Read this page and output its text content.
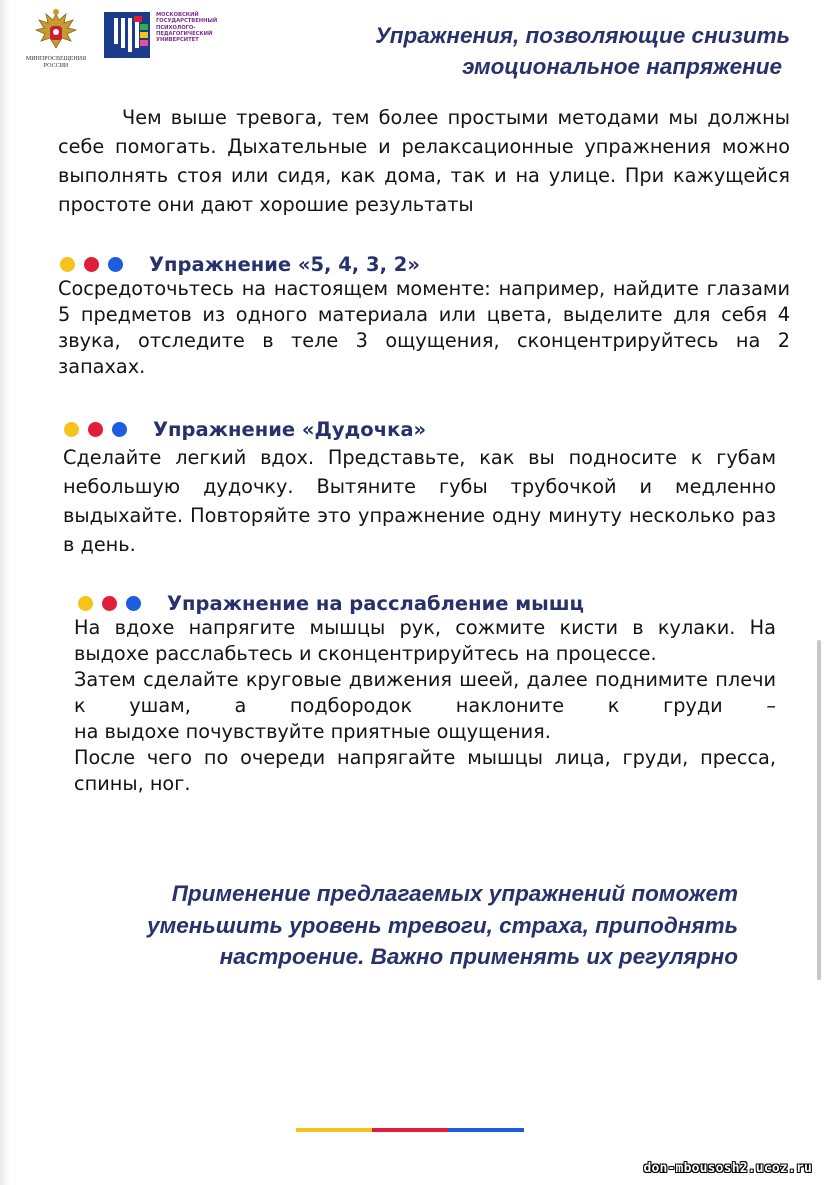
МИНПРОСВЕЩЕНИЯ РОССИИ
МОСКОВСКИЙ ГОСУДАРСТВЕННЫЙ ПСИХОЛОГО-ПЕДАГОГИЧЕСКИЙ УНИВЕРСИТЕТ	Упражнения, позволяющие снизить
эмоциональное напряжение

Чем выше тревога, тем более простыми методами мы должны себе помогать. Дыхательные и релаксационные упражнения можно выполнять стоя или сидя, как дома, так и на улице. При кажущейся простоте они дают хорошие результаты

Упражнение «5, 4, 3, 2»

Сосредоточьтесь на настоящем моменте: например, найдите глазами 5 предметов из одного материала или цвета, выделите для себя 4 звука, отследите в теле 3 ощущения, сконцентрируйтесь на 2 запахах.

Упражнение «Дудочка»

Сделайте легкий вдох. Представьте, как вы подносите к губам небольшую дудочку. Вытяните губы трубочкой и медленно выдыхайте. Повторяйте это упражнение одну минуту несколько раз в день.

Упражнение на расслабление мышц
На вдохе напрягите мышцы рук, сожмите кисти в кулаки. На выдохе расслабьтесь и сконцентрируйтесь на процессе.
Затем сделайте круговые движения шеей, далее поднимите плечи к ушам, а подбородок наклоните к груди –
на выдохе почувствуйте приятные ощущения.
После чего по очереди напрягайте мышцы лица, груди, пресса, спины, ног.

Применение предлагаемых упражнений поможет
уменьшить уровень тревоги, страха, приподнять
настроение. Важно применять их регулярно

don-mbousosh2.ucoz.ru
